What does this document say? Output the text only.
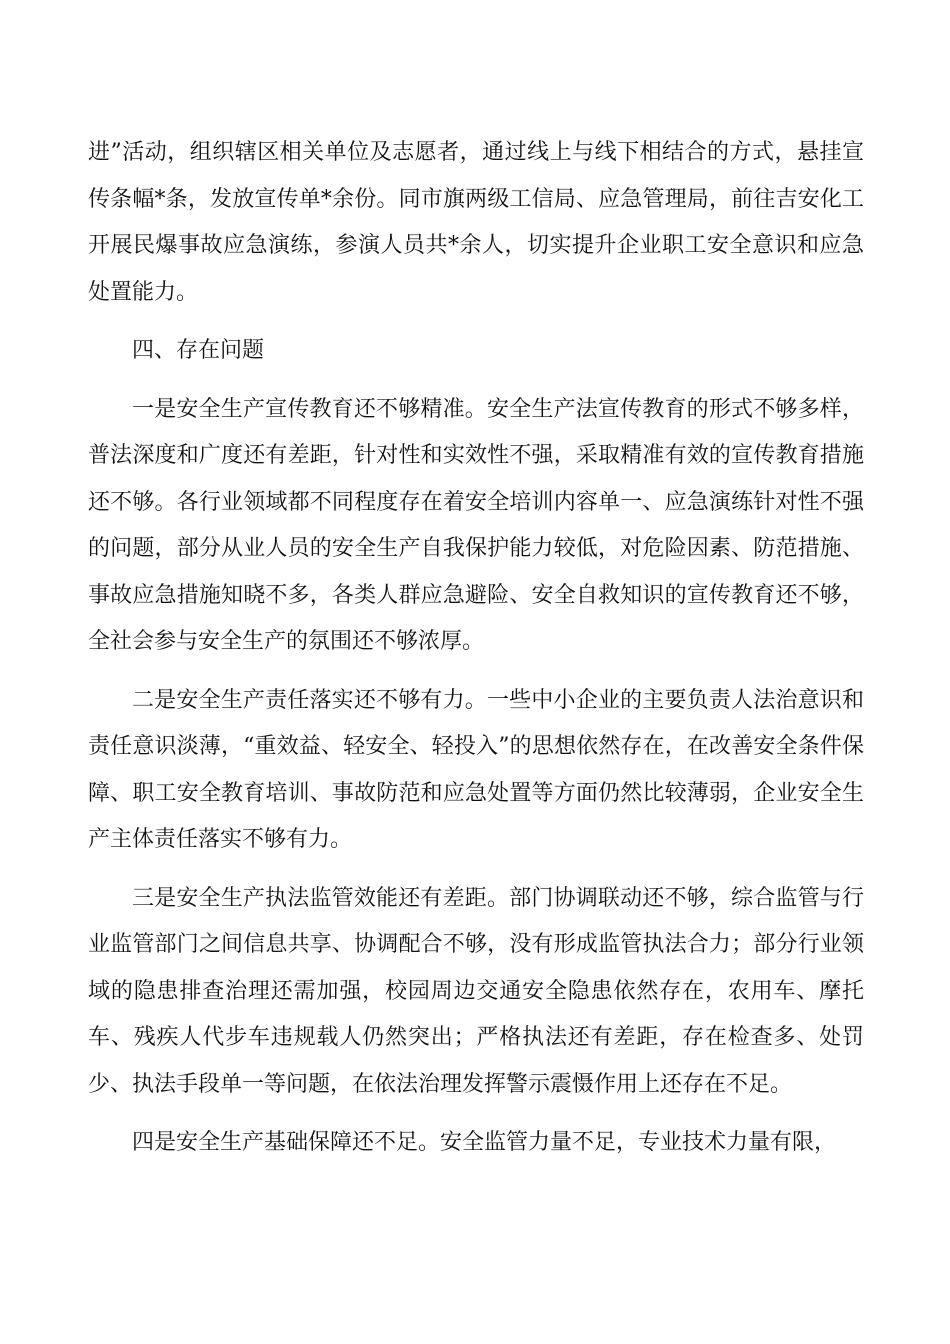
进”活动，组织辖区相关单位及志愿者，通过线上与线下相结合的方式，悬挂宣传条幅*条，发放宣传单*余份。同市旗两级工信局、应急管理局，前往吉安化工开展民爆事故应急演练，参演人员共*余人，切实提升企业职工安全意识和应急处置能力。

四、存在问题

一是安全生产宣传教育还不够精准。安全生产法宣传教育的形式不够多样，普法深度和广度还有差距，针对性和实效性不强，采取精准有效的宣传教育措施还不够。各行业领域都不同程度存在着安全培训内容单一、应急演练针对性不强的问题，部分从业人员的安全生产自我保护能力较低，对危险因素、防范措施、事故应急措施知晓不多，各类人群应急避险、安全自救知识的宣传教育还不够，全社会参与安全生产的氛围还不够浓厚。

二是安全生产责任落实还不够有力。一些中小企业的主要负责人法治意识和责任意识淡薄，“重效益、轻安全、轻投入”的思想依然存在，在改善安全条件保障、职工安全教育培训、事故防范和应急处置等方面仍然比较薄弱，企业安全生产主体责任落实不够有力。

三是安全生产执法监管效能还有差距。部门协调联动还不够，综合监管与行业监管部门之间信息共享、协调配合不够，没有形成监管执法合力；部分行业领域的隐患排查治理还需加强，校园周边交通安全隐患依然存在，农用车、摩托车、残疾人代步车违规载人仍然突出；严格执法还有差距，存在检查多、处罚少、执法手段单一等问题，在依法治理发挥警示震慑作用上还存在不足。

四是安全生产基础保障还不足。安全监管力量不足，专业技术力量有限，
